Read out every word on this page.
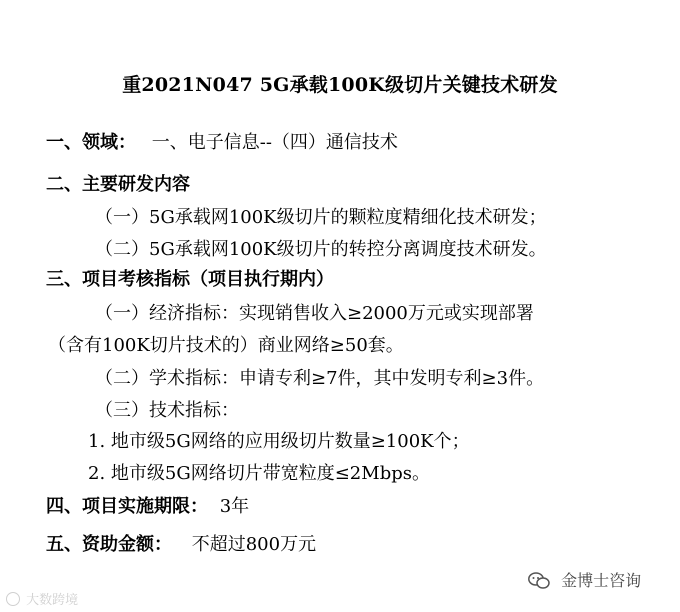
重2021N047 5G承载100K级切片关键技术研发
一、领域： 一、电子信息--（四）通信技术
二、主要研发内容
（一）5G承载网100K级切片的颗粒度精细化技术研发；
（二）5G承载网100K级切片的转控分离调度技术研发。
三、项目考核指标（项目执行期内）
（一）经济指标：实现销售收入≥2000万元或实现部署
（含有100K切片技术的）商业网络≥50套。
（二）学术指标：申请专利≥7件，其中发明专利≥3件。
（三）技术指标：
1. 地市级5G网络的应用级切片数量≥100K个；
2. 地市级5G网络切片带宽粒度≤2Mbps。
四、项目实施期限： 3年
五、资助金额： 不超过800万元
大数跨境
金博士咨询
